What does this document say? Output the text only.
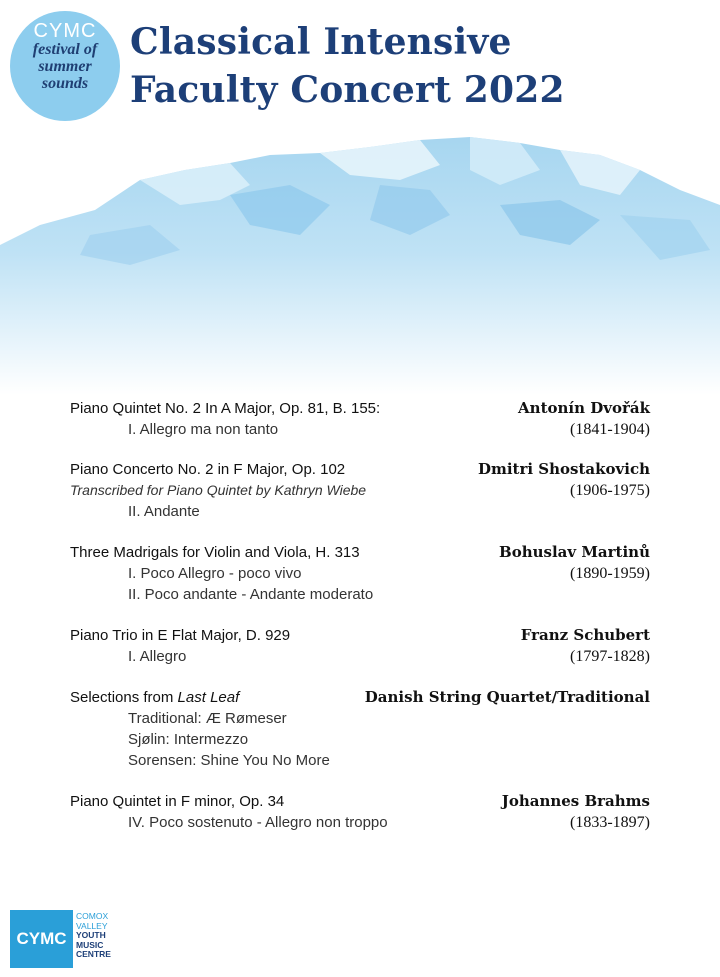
CYMC
festival of
summer
sounds
Classical Intensive
Faculty Concert 2022
Piano Quintet No. 2 In A Major, Op. 81, B. 155:
I. Allegro ma non tanto
Antonín Dvořák
(1841-1904)
Piano Concerto No. 2 in F Major, Op. 102
Transcribed for Piano Quintet by Kathryn Wiebe
II. Andante
Dmitri Shostakovich
(1906-1975)
Three Madrigals for Violin and Viola, H. 313
I. Poco Allegro - poco vivo
II. Poco andante - Andante moderato
Bohuslav Martinů
(1890-1959)
Piano Trio in E Flat Major, D. 929
I. Allegro
Franz Schubert
(1797-1828)
Selections from Last Leaf
Traditional: Æ Rømeser
Sjølin: Intermezzo
Sorensen: Shine You No More
Danish String Quartet/Traditional
Piano Quintet in F minor, Op. 34
IV. Poco sostenuto - Allegro non troppo
Johannes Brahms
(1833-1897)
CYMC
COMOX
VALLEY
YOUTH
MUSIC
CENTRE
